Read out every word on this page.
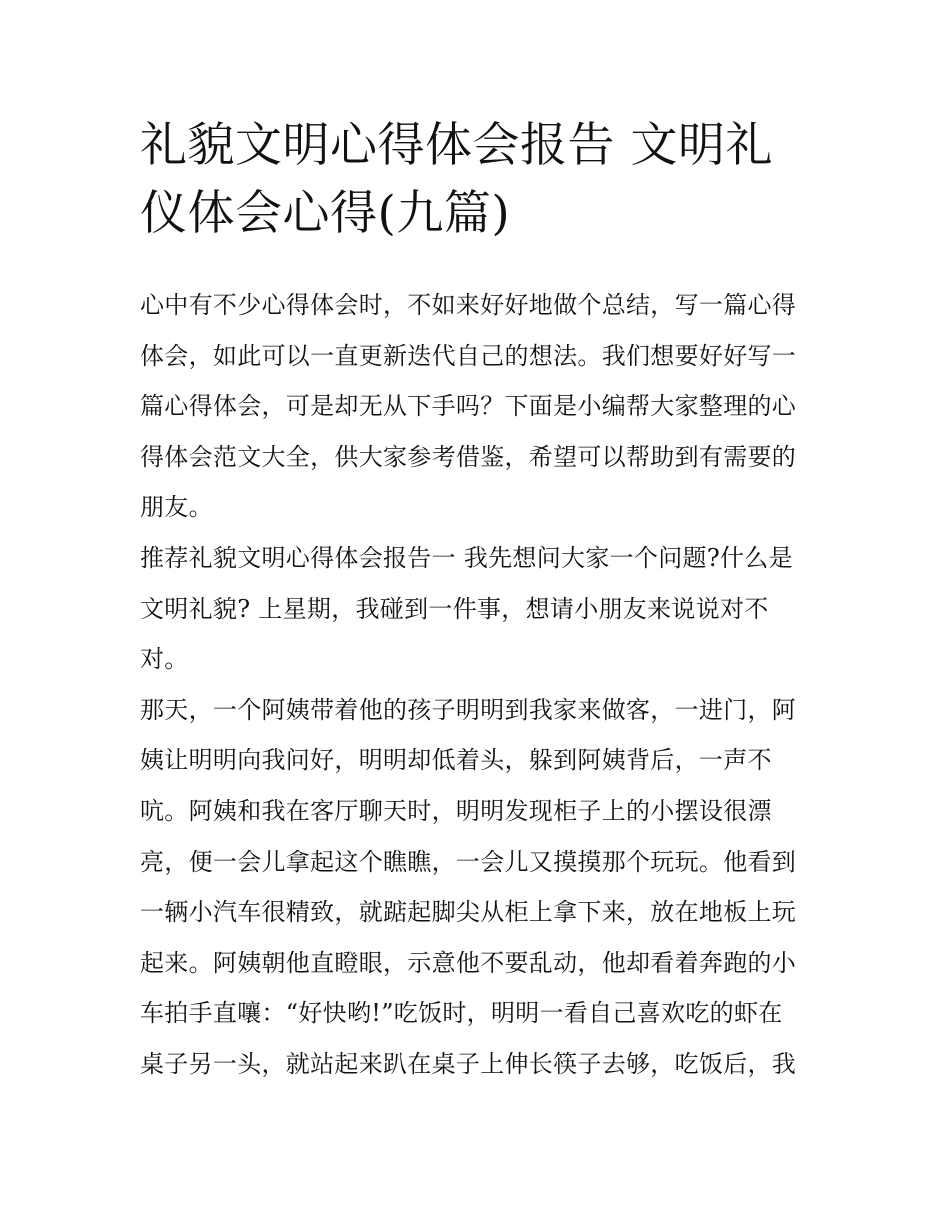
礼貌文明心得体会报告 文明礼
仪体会心得(九篇)

心中有不少心得体会时，不如来好好地做个总结，写一篇心得
体会，如此可以一直更新迭代自己的想法。我们想要好好写一
篇心得体会，可是却无从下手吗？下面是小编帮大家整理的心
得体会范文大全，供大家参考借鉴，希望可以帮助到有需要的
朋友。

推荐礼貌文明心得体会报告一 我先想问大家一个问题?什么是
文明礼貌? 上星期，我碰到一件事，想请小朋友来说说对不
对。

那天，一个阿姨带着他的孩子明明到我家来做客，一进门，阿
姨让明明向我问好，明明却低着头，躲到阿姨背后，一声不
吭。阿姨和我在客厅聊天时，明明发现柜子上的小摆设很漂
亮，便一会儿拿起这个瞧瞧，一会儿又摸摸那个玩玩。他看到
一辆小汽车很精致，就踮起脚尖从柜上拿下来，放在地板上玩
起来。阿姨朝他直瞪眼，示意他不要乱动，他却看着奔跑的小
车拍手直嚷：“好快哟!”吃饭时，明明一看自己喜欢吃的虾在
桌子另一头，就站起来趴在桌子上伸长筷子去够，吃饭后，我
